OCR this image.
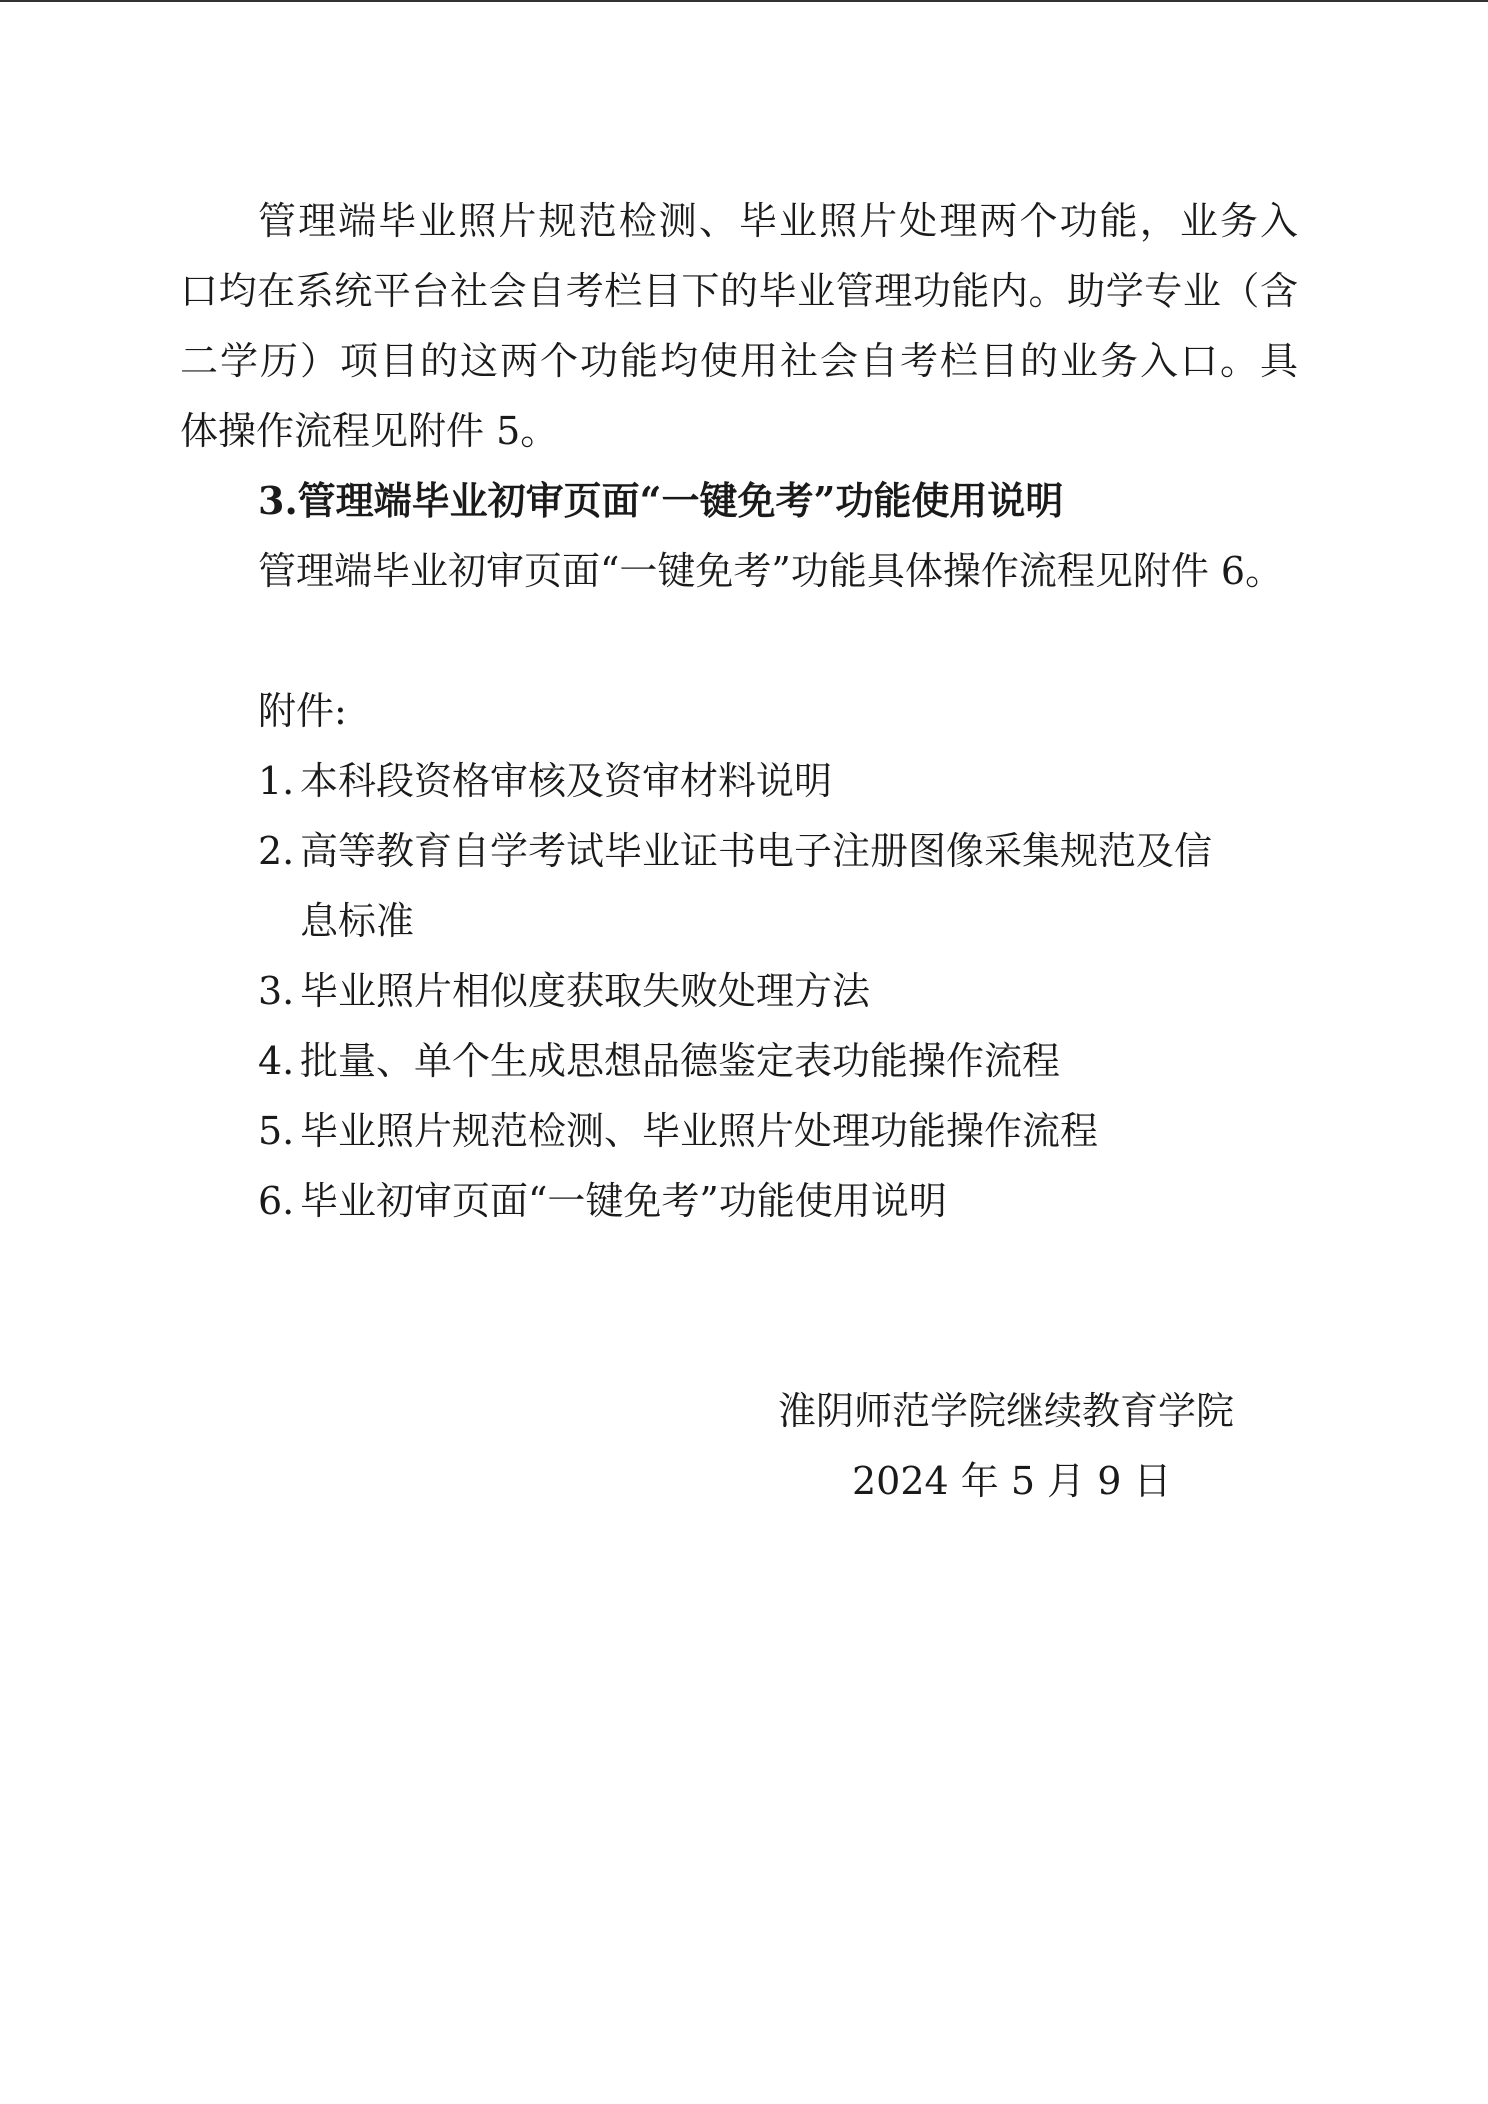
管理端毕业照片规范检测、毕业照片处理两个功能，业务入
口均在系统平台社会自考栏目下的毕业管理功能内。助学专业（含
二学历）项目的这两个功能均使用社会自考栏目的业务入口。具
体操作流程见附件 5。
3.管理端毕业初审页面“一键免考”功能使用说明
管理端毕业初审页面“一键免考”功能具体操作流程见附件 6。
附件:
1. 本科段资格审核及资审材料说明
2. 高等教育自学考试毕业证书电子注册图像采集规范及信
息标准
3. 毕业照片相似度获取失败处理方法
4. 批量、单个生成思想品德鉴定表功能操作流程
5. 毕业照片规范检测、毕业照片处理功能操作流程
6. 毕业初审页面“一键免考”功能使用说明
淮阴师范学院继续教育学院
2024 年 5 月 9 日
